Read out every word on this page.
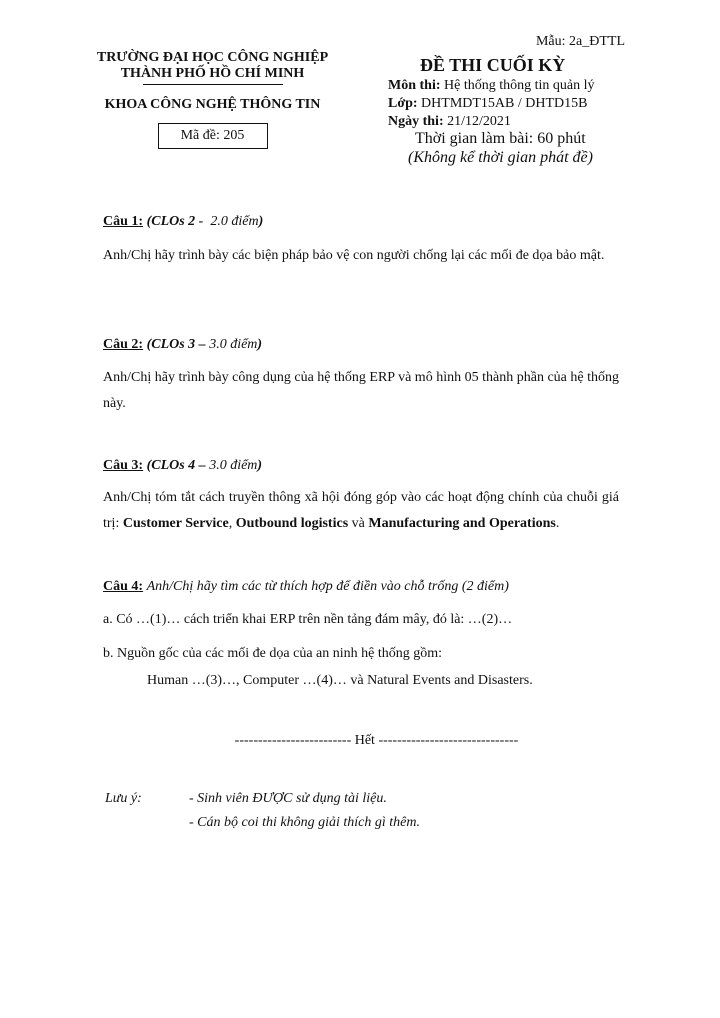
Mẫu: 2a_ĐTTL
TRƯỜNG ĐẠI HỌC CÔNG NGHIỆP
THÀNH PHỐ HỒ CHÍ MINH
KHOA CÔNG NGHỆ THÔNG TIN
Mã đề: 205
ĐỀ THI CUỐI KỲ
Môn thi: Hệ thống thông tin quản lý
Lớp: DHTMDT15AB / DHTD15B
Ngày thi: 21/12/2021
Thời gian làm bài: 60 phút
(Không kể thời gian phát đề)
Câu 1: (CLOs 2 - 2.0 điểm)
Anh/Chị hãy trình bày các biện pháp bảo vệ con người chống lại các mối đe dọa bảo mật.
Câu 2: (CLOs 3 – 3.0 điểm)
Anh/Chị hãy trình bày công dụng của hệ thống ERP và mô hình 05 thành phần của hệ thống này.
Câu 3: (CLOs 4 – 3.0 điểm)
Anh/Chị tóm tắt cách truyền thông xã hội đóng góp vào các hoạt động chính của chuỗi giá trị: Customer Service, Outbound logistics và Manufacturing and Operations.
Câu 4: Anh/Chị hãy tìm các từ thích hợp để điền vào chỗ trống (2 điểm)
a. Có …(1)… cách triển khai ERP trên nền tảng đám mây, đó là: …(2)…
b. Nguồn gốc của các mối đe dọa của an ninh hệ thống gồm:
Human …(3)…, Computer …(4)… và Natural Events and Disasters.
------------------------- Hết ------------------------------
Lưu ý:	- Sinh viên ĐƯỢC sử dụng tài liệu.
- Cán bộ coi thi không giải thích gì thêm.
